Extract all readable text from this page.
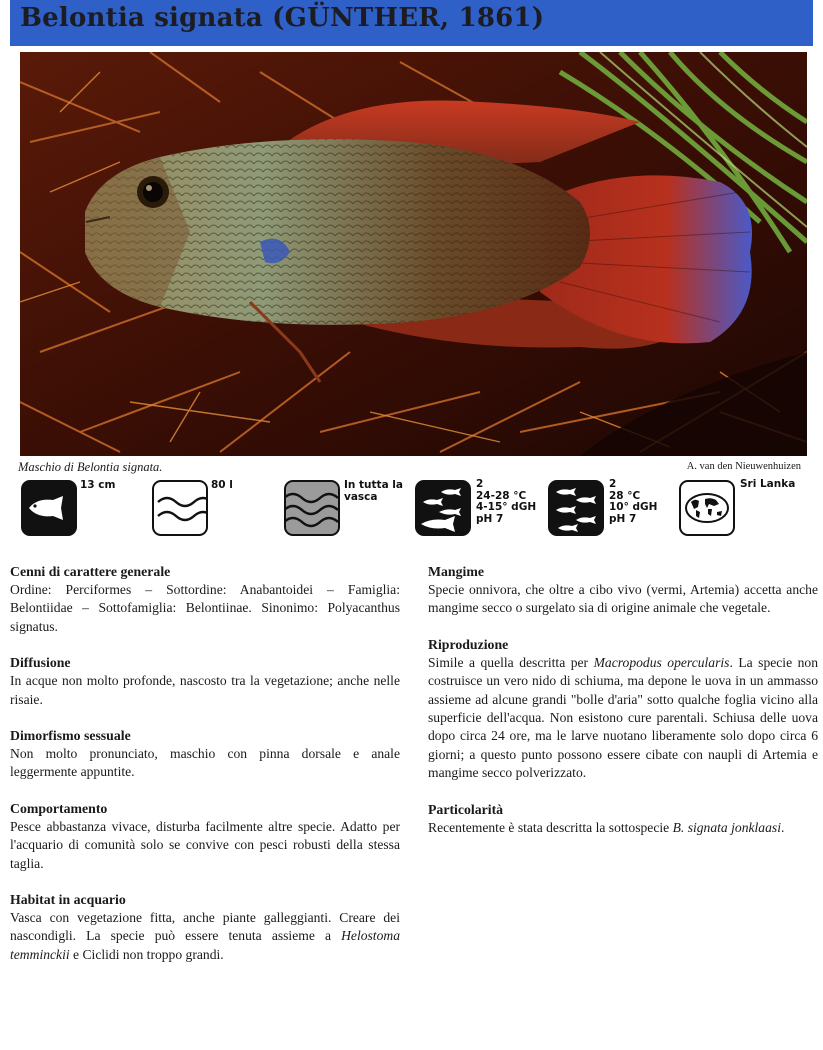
Belontia signata (GÜNTHER, 1861)
Maschio di Belontia signata.	A. van den Nieuwenhuizen
13 cm	80 l	In tutta la vasca
2
24-28 °C
4-15° dGH
pH 7
2
28 °C
10° dGH
pH 7
Sri Lanka
Cenni di carattere generale

Ordine: Perciformes – Sottordine: Anabantoidei – Famiglia: Belontiidae – Sottofamiglia: Belontiinae. Sinonimo: Polyacanthus signatus.

Diffusione

In acque non molto profonde, nascosto tra la vegetazione; anche nelle risaie.

Dimorfismo sessuale

Non molto pronunciato, maschio con pinna dorsale e anale leggermente appuntite.

Comportamento

Pesce abbastanza vivace, disturba facilmente altre specie. Adatto per l'acquario di comunità solo se convive con pesci robusti della stessa taglia.

Habitat in acquario

Vasca con vegetazione fitta, anche piante galleggianti. Creare dei nascondigli. La specie può essere tenuta assieme a Helostoma temminckii e Ciclidi non troppo grandi.

Mangime

Specie onnivora, che oltre a cibo vivo (vermi, Artemia) accetta anche mangime secco o surgelato sia di origine animale che vegetale.

Riproduzione

Simile a quella descritta per Macropodus opercularis. La specie non costruisce un vero nido di schiuma, ma depone le uova in un ammasso assieme ad alcune grandi "bolle d'aria" sotto qualche foglia vicino alla superficie dell'acqua. Non esistono cure parentali. Schiusa delle uova dopo circa 24 ore, ma le larve nuotano liberamente solo dopo circa 6 giorni; a questo punto possono essere cibate con naupli di Artemia e mangime secco polverizzato.

Particolarità

Recentemente è stata descritta la sottospecie B. signata jonklaasi.
